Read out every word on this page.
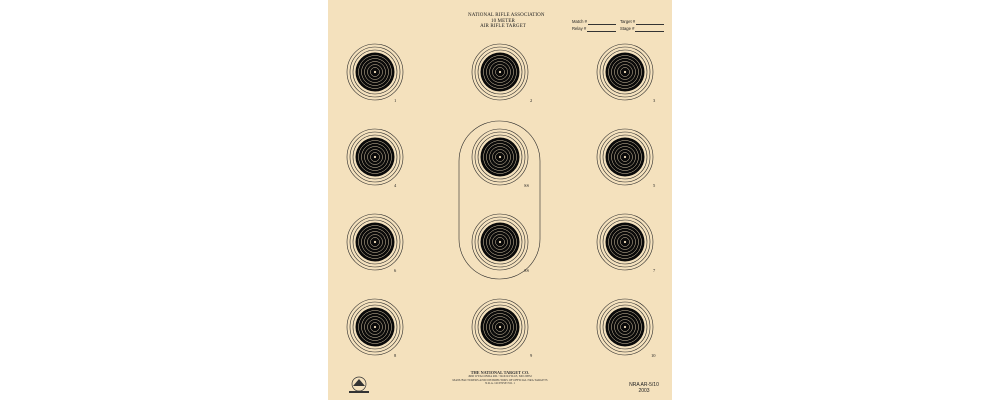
NATIONAL RIFLE ASSOCIATION
10 METER
AIR RIFLE TARGET
Match #	Target #
Relay #	Stage #
1	2	3
4	5
6	7
8	9	10
SS
SS
THE NATIONAL TARGET CO.
4960 WYACONDA RD. • ROCKVILLE, MD 20852
MANUFACTURERS AND DISTRIBUTORS OF OFFICIAL NRA TARGETS
N.R.A. LICENSE NO. 1	NRA AR-5/10
2003
